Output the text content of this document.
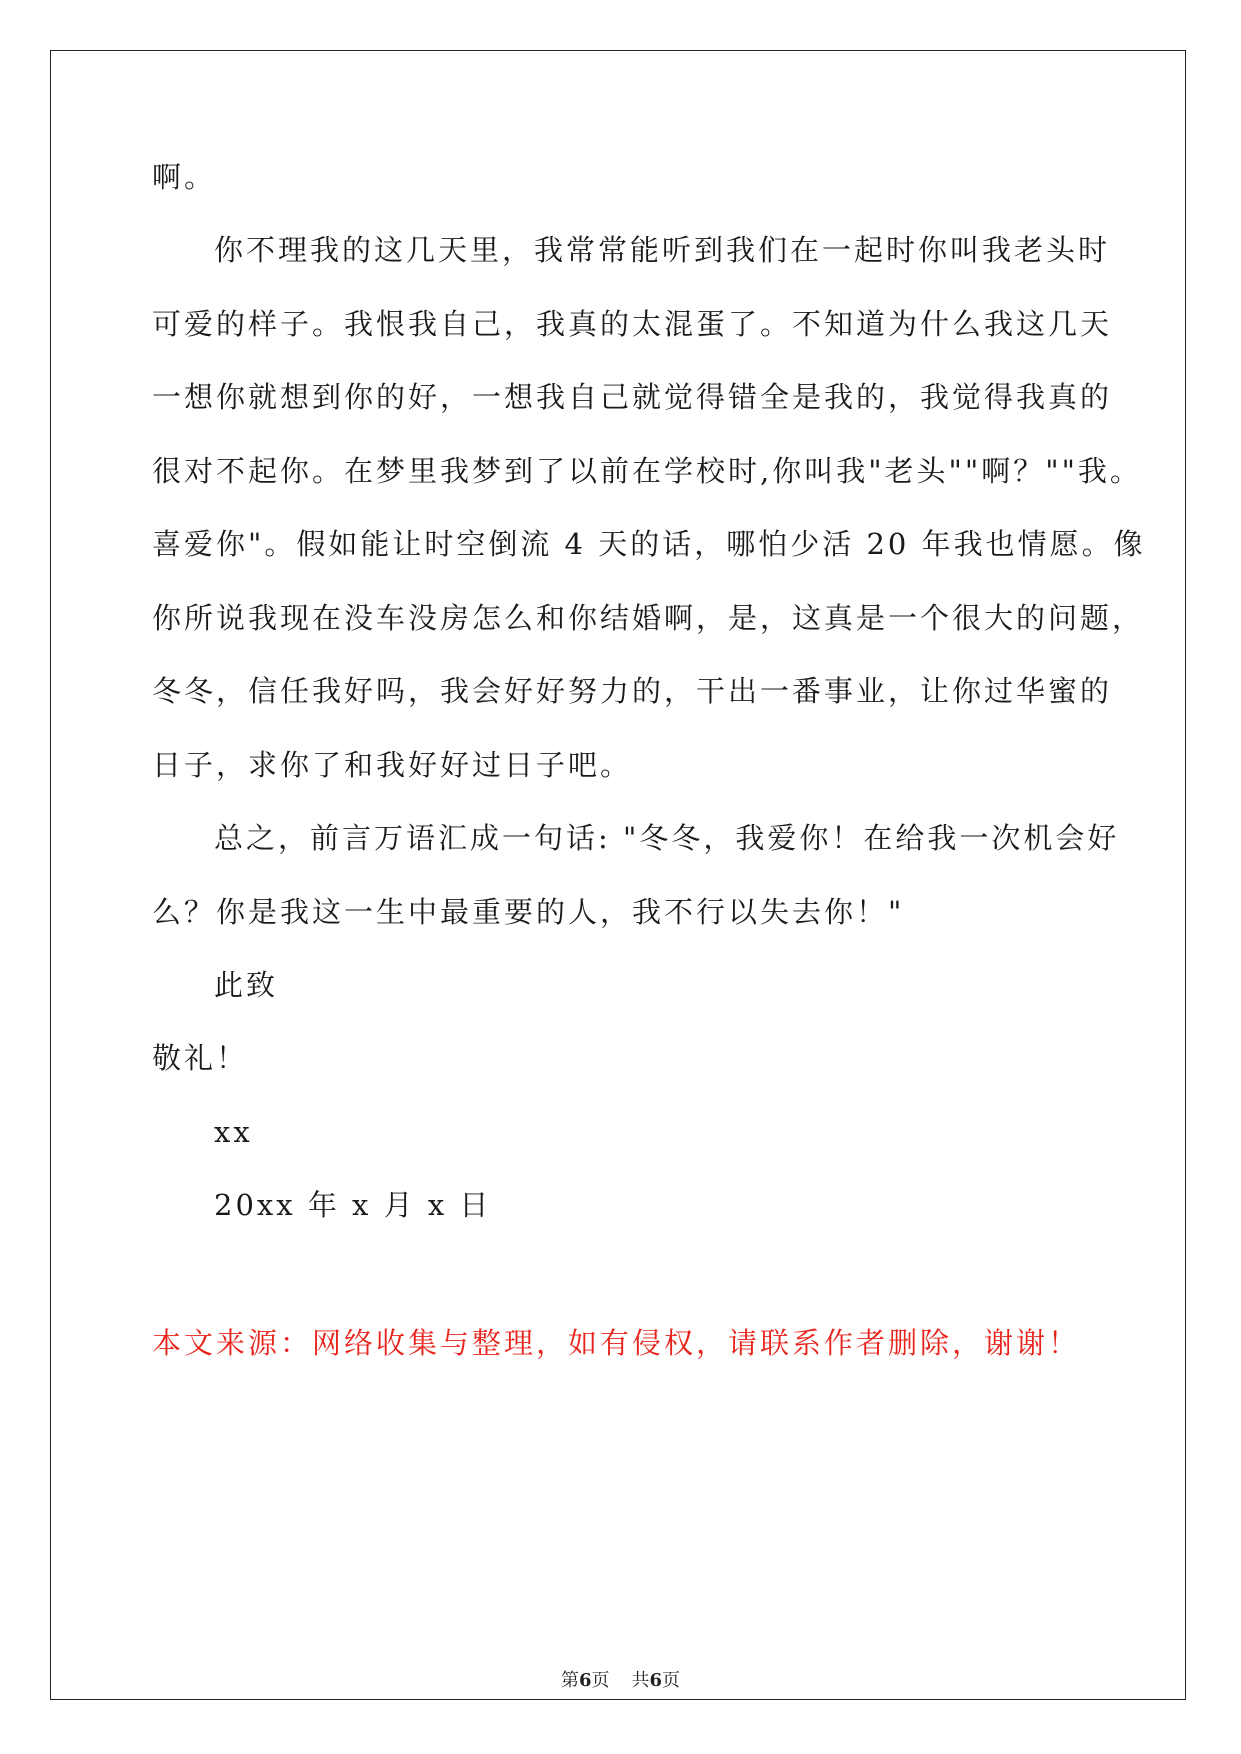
啊。
你不理我的这几天里，我常常能听到我们在一起时你叫我老头时
可爱的样子。我恨我自己，我真的太混蛋了。不知道为什么我这几天
一想你就想到你的好，一想我自己就觉得错全是我的，我觉得我真的
很对不起你。在梦里我梦到了以前在学校时,你叫我"老头""啊？""我。
喜爱你"。假如能让时空倒流 4 天的话，哪怕少活 20 年我也情愿。像
你所说我现在没车没房怎么和你结婚啊，是，这真是一个很大的问题，
冬冬，信任我好吗，我会好好努力的，干出一番事业，让你过华蜜的
日子，求你了和我好好过日子吧。
总之，前言万语汇成一句话: "冬冬，我爱你！在给我一次机会好
么？你是我这一生中最重要的人，我不行以失去你！"
此致
敬礼！
xx
20xx 年 x 月 x 日
本文来源：网络收集与整理，如有侵权，请联系作者删除，谢谢！
第6页 共6页
